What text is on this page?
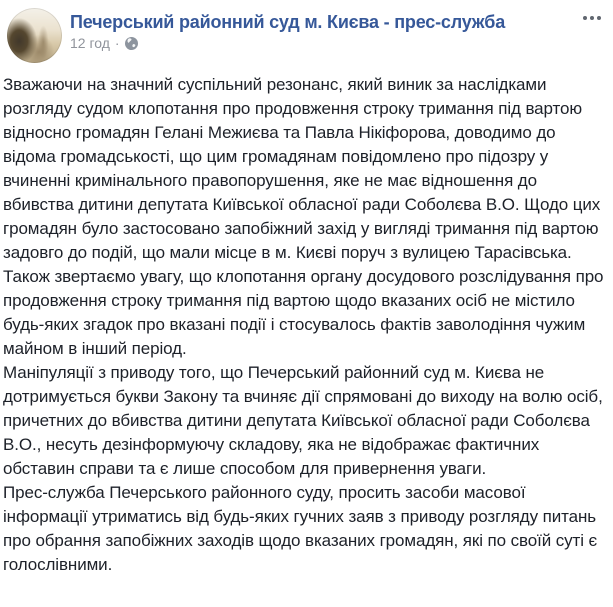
Печерський районний суд м. Києва - прес-служба
12 год ·

Зважаючи на значний суспільний резонанс, який виник за наслідками розгляду судом клопотання про продовження строку тримання під вартою відносно громадян Гелані Межиєва та Павла Нікіфорова, доводимо до відома громадськості, що цим громадянам повідомлено про підозру у вчиненні кримінального правопорушення, яке не має відношення до вбивства дитини депутата Київської обласної ради Соболєва В.О. Щодо цих громадян було застосовано запобіжний захід у вигляді тримання під вартою задовго до подій, що мали місце в м. Києві поруч з вулицею Тарасівська. Також звертаємо увагу, що клопотання органу досудового розслідування про продовження строку тримання під вартою щодо вказаних осіб не містило будь-яких згадок про вказані події і стосувалось фактів заволодіння чужим майном в інший період.

Маніпуляції з приводу того, що Печерський районний суд м. Києва не дотримується букви Закону та вчиняє дії спрямовані до виходу на волю осіб, причетних до вбивства дитини депутата Київської обласної ради Соболєва В.О., несуть дезінформуючу складову, яка не відображає фактичних обставин справи та є лише способом для привернення уваги.

Прес-служба Печерського районного суду, просить засоби масової інформації утриматись від будь-яких гучних заяв з приводу розгляду питань про обрання запобіжних заходів щодо вказаних громадян, які по своїй суті є голослівними.
